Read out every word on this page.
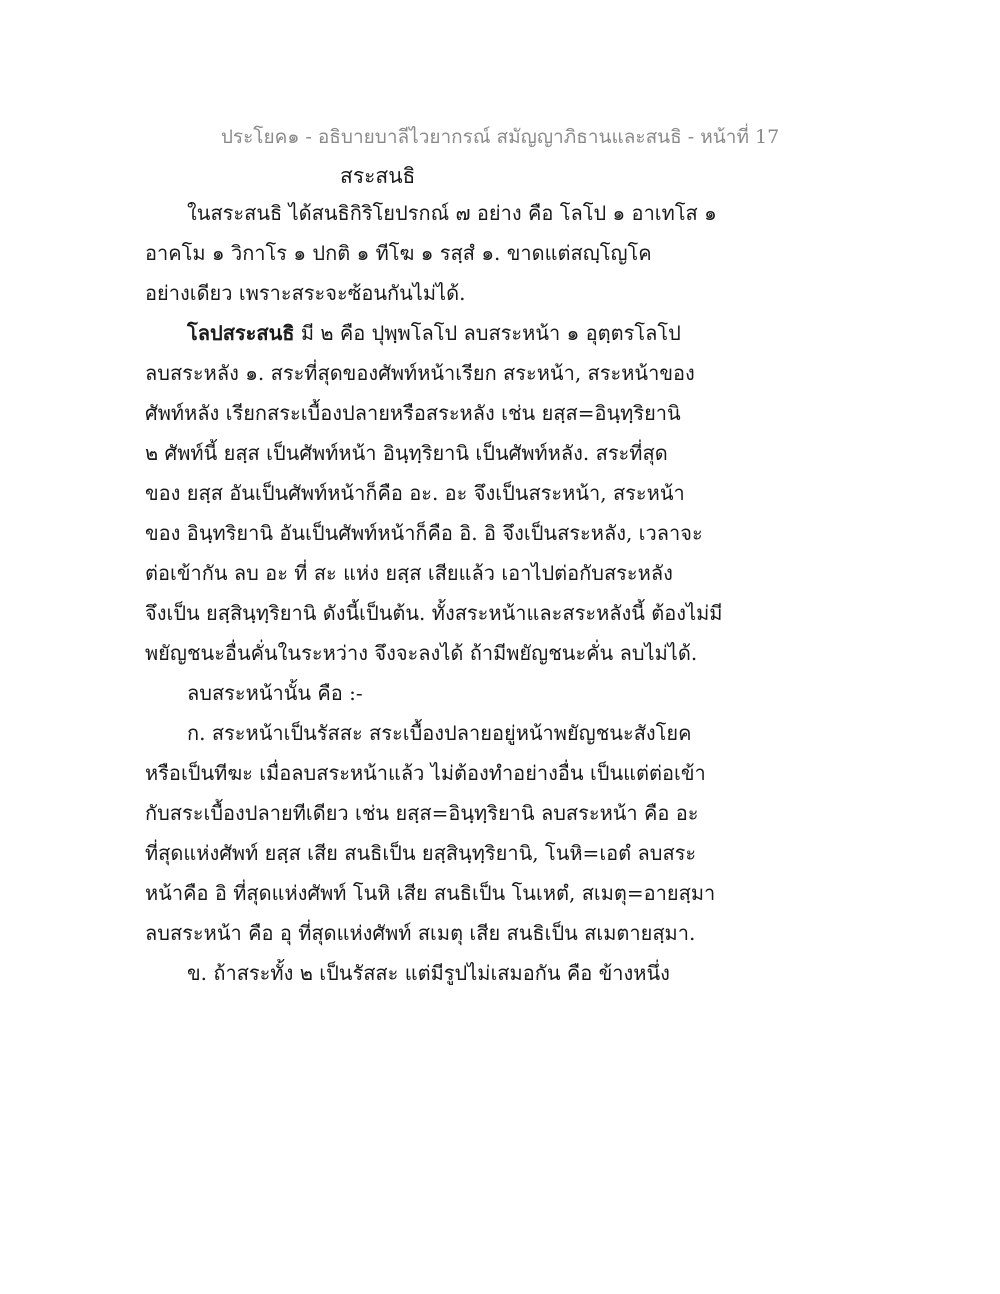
ประโยค๑ - อธิบายบาลีไวยากรณ์ สมัญญาภิธานและสนธิ - หน้าที่ 17
สระสนธิ
ในสระสนธิ ได้สนธิกิริโยปรกณ์ ๗ อย่าง คือ โลโป ๑ อาเทโส ๑
อาคโม ๑ วิกาโร ๑ ปกติ ๑ ทีโฆ ๑ รสฺสํ ๑. ขาดแต่สญฺโญโค
อย่างเดียว เพราะสระจะซ้อนกันไม่ได้.
โลปสระสนธิ มี ๒ คือ ปุพฺพโลโป ลบสระหน้า ๑ อุตฺตรโลโป
ลบสระหลัง ๑. สระที่สุดของศัพท์หน้าเรียก สระหน้า, สระหน้าของ
ศัพท์หลัง เรียกสระเบื้องปลายหรือสระหลัง เช่น ยสฺส=อินฺทฺริยานิ
๒ ศัพท์นี้ ยสฺส เป็นศัพท์หน้า อินฺทฺริยานิ เป็นศัพท์หลัง. สระที่สุด
ของ ยสฺส อันเป็นศัพท์หน้าก็คือ อะ. อะ จึงเป็นสระหน้า, สระหน้า
ของ อินฺทริยานิ อันเป็นศัพท์หน้าก็คือ อิ. อิ จึงเป็นสระหลัง, เวลาจะ
ต่อเข้ากัน ลบ อะ ที่ สะ แห่ง ยสฺส เสียแล้ว เอาไปต่อกับสระหลัง
จึงเป็น ยสฺสินฺทฺริยานิ ดังนี้เป็นต้น. ทั้งสระหน้าและสระหลังนี้ ต้องไม่มี
พยัญชนะอื่นคั่นในระหว่าง จึงจะลงได้ ถ้ามีพยัญชนะคั่น ลบไม่ได้.
ลบสระหน้านั้น คือ :-
ก. สระหน้าเป็นรัสสะ สระเบื้องปลายอยู่หน้าพยัญชนะสังโยค
หรือเป็นทีฆะ เมื่อลบสระหน้าแล้ว ไม่ต้องทำอย่างอื่น เป็นแต่ต่อเข้า
กับสระเบื้องปลายทีเดียว เช่น ยสฺส=อินฺทฺริยานิ ลบสระหน้า คือ อะ
ที่สุดแห่งศัพท์ ยสฺส เสีย สนธิเป็น ยสฺสินฺทฺริยานิ, โนหิ=เอตํ ลบสระ
หน้าคือ อิ ที่สุดแห่งศัพท์ โนหิ เสีย สนธิเป็น โนเหตํ, สเมตุ=อายสฺมา
ลบสระหน้า คือ อุ ที่สุดแห่งศัพท์ สเมตุ เสีย สนธิเป็น สเมตายสฺมา.
ข. ถ้าสระทั้ง ๒ เป็นรัสสะ แต่มีรูปไม่เสมอกัน คือ ข้างหนึ่ง
